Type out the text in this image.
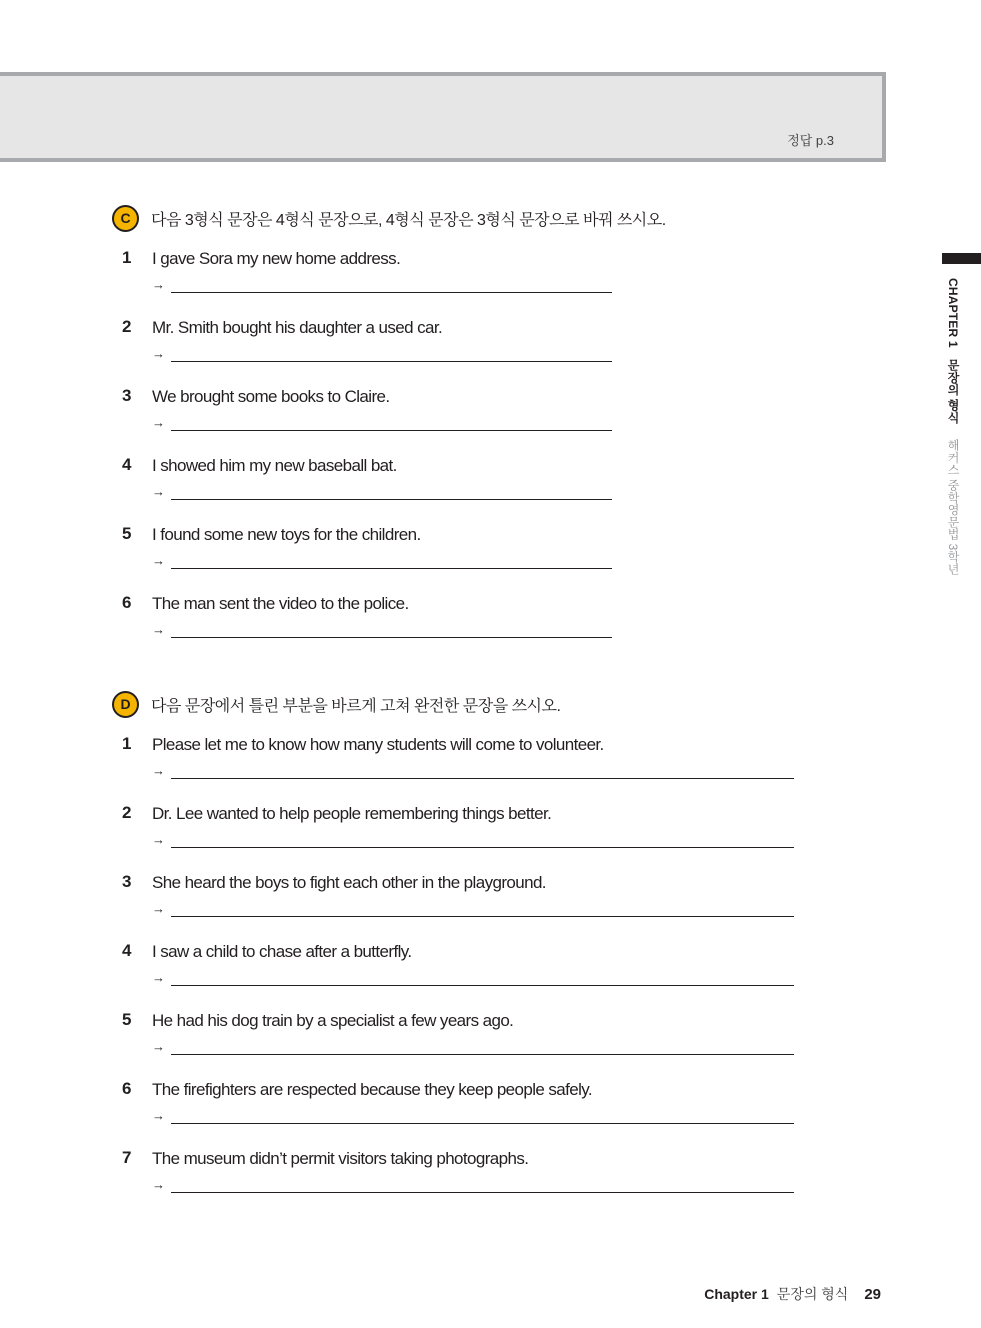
정답 p.3
C	다음 3형식 문장은 4형식 문장으로, 4형식 문장은 3형식 문장으로 바꿔 쓰시오.
1 I gave Sora my new home address.
→
2 Mr. Smith bought his daughter a used car.
→
3 We brought some books to Claire.
→
4 I showed him my new baseball bat.
→
5 I found some new toys for the children.
→
6 The man sent the video to the police.
→
D	다음 문장에서 틀린 부분을 바르게 고쳐 완전한 문장을 쓰시오.
1 Please let me to know how many students will come to volunteer.
→
2 Dr. Lee wanted to help people remembering things better.
→
3 She heard the boys to fight each other in the playground.
→
4 I saw a child to chase after a butterfly.
→
5 He had his dog train by a specialist a few years ago.
→
6 The firefighters are respected because they keep people safely.
→
7 The museum didn’t permit visitors taking photographs.
→
CHAPTER 1 문장의 형식 해커스 중학영문법 3학년
Chapter 1 문장의 형식 29
